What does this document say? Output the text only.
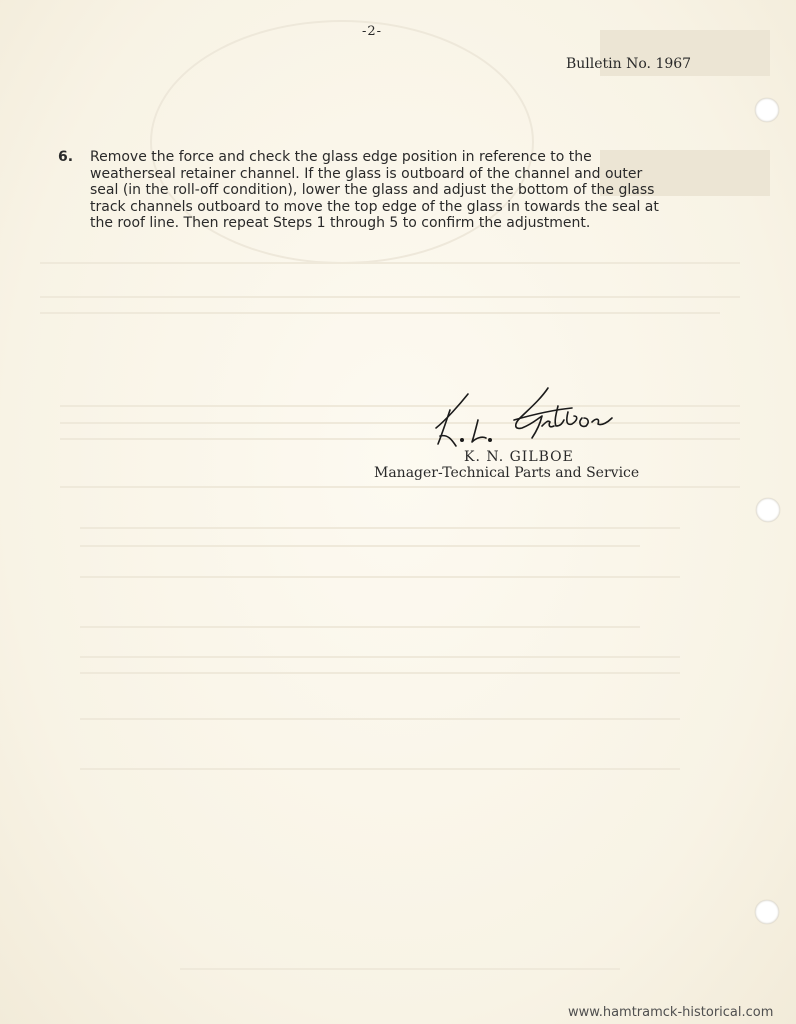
-2-
Bulletin No. 1967
6.	Remove the force and check the glass edge position in reference to the weatherseal retainer channel. If the glass is outboard of the channel and outer seal (in the roll-off condition), lower the glass and adjust the bottom of the glass track channels outboard to move the top edge of the glass in towards the seal at the roof line. Then repeat Steps 1 through 5 to confirm the adjustment.
K. N. GILBOE
Manager-Technical Parts and Service
www.hamtramck-historical.com
